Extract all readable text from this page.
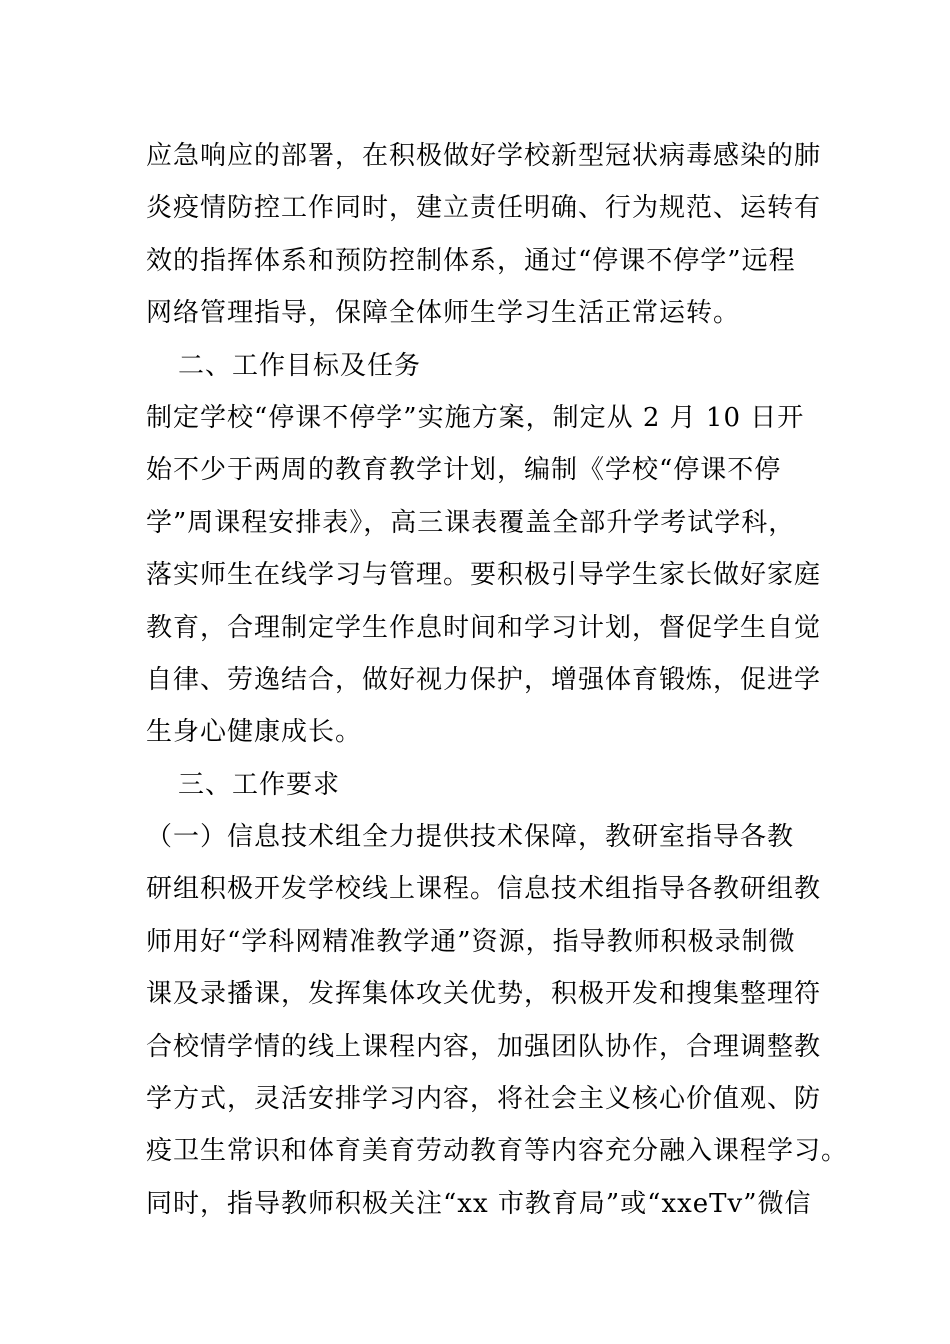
应急响应的部署，在积极做好学校新型冠状病毒感染的肺
炎疫情防控工作同时，建立责任明确、行为规范、运转有
效的指挥体系和预防控制体系，通过“停课不停学”远程
网络管理指导，保障全体师生学习生活正常运转。
二、工作目标及任务
制定学校“停课不停学”实施方案，制定从 2 月 10 日开
始不少于两周的教育教学计划，编制《学校“停课不停
学”周课程安排表》，高三课表覆盖全部升学考试学科，
落实师生在线学习与管理。要积极引导学生家长做好家庭
教育，合理制定学生作息时间和学习计划，督促学生自觉
自律、劳逸结合，做好视力保护，增强体育锻炼，促进学
生身心健康成长。
三、工作要求
（一）信息技术组全力提供技术保障，教研室指导各教
研组积极开发学校线上课程。信息技术组指导各教研组教
师用好“学科网精准教学通”资源，指导教师积极录制微
课及录播课，发挥集体攻关优势，积极开发和搜集整理符
合校情学情的线上课程内容，加强团队协作，合理调整教
学方式，灵活安排学习内容，将社会主义核心价值观、防
疫卫生常识和体育美育劳动教育等内容充分融入课程学习。
同时，指导教师积极关注“xx 市教育局”或“xxeTv”微信
